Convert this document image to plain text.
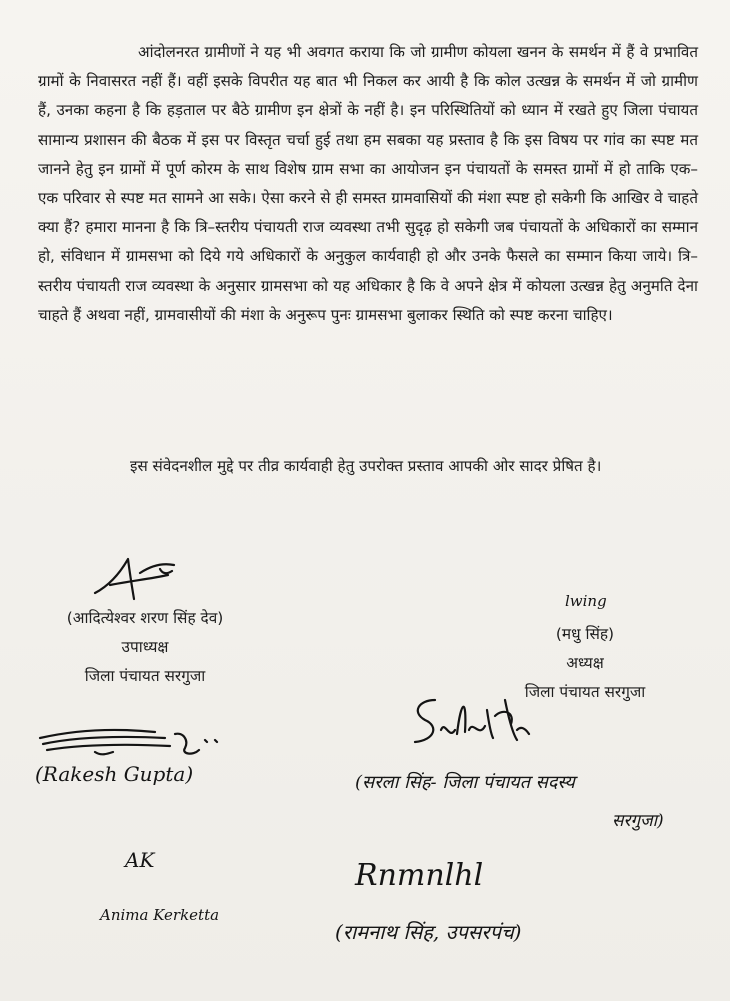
आंदोलनरत ग्रामीणों ने यह भी अवगत कराया कि जो ग्रामीण कोयला खनन के समर्थन में हैं वे प्रभावित ग्रामों के निवासरत नहीं हैं। वहीं इसके विपरीत यह बात भी निकल कर आयी है कि कोल उत्खन्न के समर्थन में जो ग्रामीण हैं, उनका कहना है कि हड़ताल पर बैठे ग्रामीण इन क्षेत्रों के नहीं है। इन परिस्थितियों को ध्यान में रखते हुए जिला पंचायत सामान्य प्रशासन की बैठक में इस पर विस्तृत चर्चा हुई तथा हम सबका यह प्रस्ताव है कि इस विषय पर गांव का स्पष्ट मत जानने हेतु इन ग्रामों में पूर्ण कोरम के साथ विशेष ग्राम सभा का आयोजन इन पंचायतों के समस्त ग्रामों में हो ताकि एक–एक परिवार से स्पष्ट मत सामने आ सके। ऐसा करने से ही समस्त ग्रामवासियों की मंशा स्पष्ट हो सकेगी कि आखिर वे चाहते क्या हैं? हमारा मानना है कि त्रि–स्तरीय पंचायती राज व्यवस्था तभी सुदृढ़ हो सकेगी जब पंचायतों के अधिकारों का सम्मान हो, संविधान में ग्रामसभा को दिये गये अधिकारों के अनुकुल कार्यवाही हो और उनके फैसले का सम्मान किया जाये। त्रि–स्तरीय पंचायती राज व्यवस्था के अनुसार ग्रामसभा को यह अधिकार है कि वे अपने क्षेत्र में कोयला उत्खन्न हेतु अनुमति देना चाहते हैं अथवा नहीं, ग्रामवासीयों की मंशा के अनुरूप पुनः ग्रामसभा बुलाकर स्थिति को स्पष्ट करना चाहिए।

इस संवेदनशील मुद्दे पर तीव्र कार्यवाही हेतु उपरोक्त प्रस्ताव आपकी ओर सादर प्रेषित है।

(आदित्येश्वर शरण सिंह देव)
उपाध्यक्ष
जिला पंचायत सरगुजा
lwing
(मधु सिंह)
अध्यक्ष
जिला पंचायत सरगुजा
(Rakesh Gupta)	(सरला सिंह- जिला पंचायत सदस्य
सरगुजा)
AK
Anima Kerketta
Rnmnlhl
(रामनाथ सिंह, उपसरपंच)
